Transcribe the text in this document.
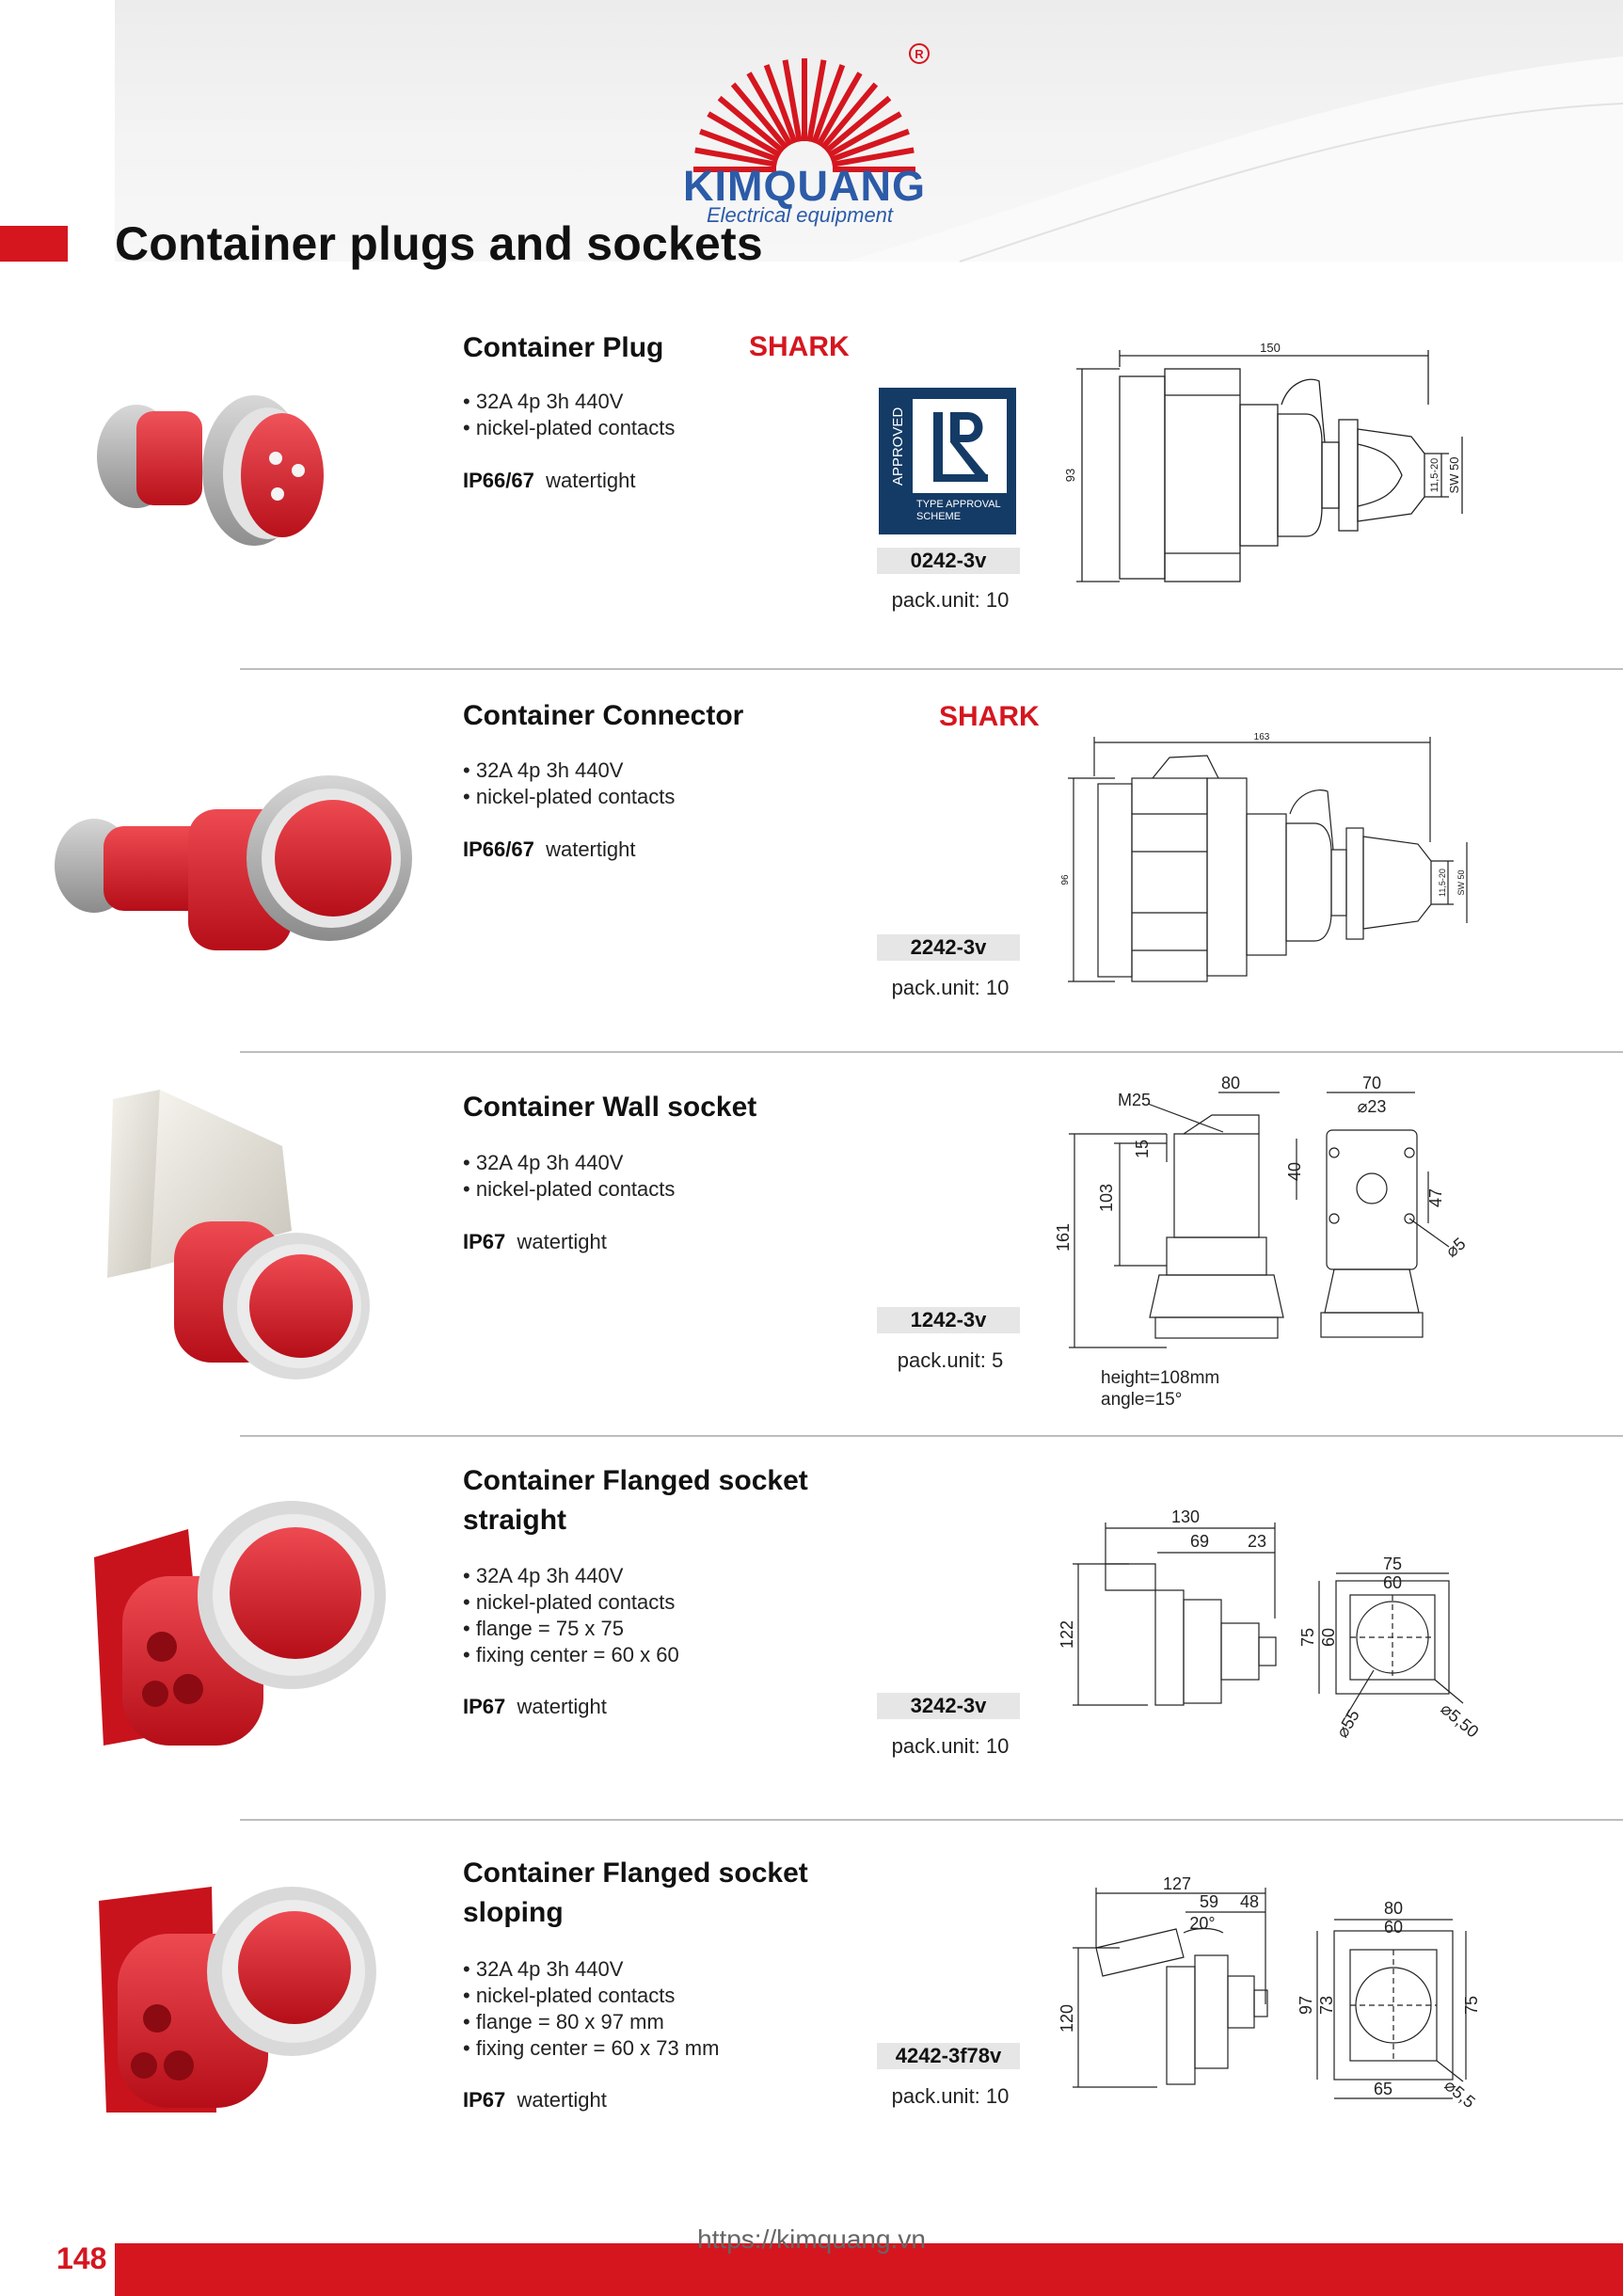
R
KIMQUANG
Electrical equipment
Container plugs and sockets
Container Plug	SHARK
• 32A 4p 3h 440V
• nickel-plated contacts
IP66/67 watertight	APPROVED
TYPE APPROVAL
SCHEME
0242-3v
pack.unit: 10
150
93	11,5-20 SW 50
Container Connector	SHARK
• 32A 4p 3h 440V
• nickel-plated contacts
IP66/67 watertight
2242-3v
pack.unit: 10
163
96	11,5-20 SW 50
Container Wall socket
• 32A 4p 3h 440V
• nickel-plated contacts
IP67 watertight
1242-3v
pack.unit: 5
M25
80	70
⌀23
161
103
15
40
47
⌀5
height=108mm
angle=15°
Container Flanged socket
straight
• 32A 4p 3h 440V
• nickel-plated contacts
• flange = 75 x 75
• fixing center = 60 x 60
IP67 watertight	3242-3v
pack.unit: 10
130
69 23
122
75
60
75 60
⌀55	⌀5,50
Container Flanged socket
sloping
• 32A 4p 3h 440V
• nickel-plated contacts
• flange = 80 x 97 mm
• fixing center = 60 x 73 mm
IP67 watertight
4242-3f78v
pack.unit: 10
127
59 48
20°
120
80
60
97 73	75
65	⌀5,5
https://kimquang.vn
148
